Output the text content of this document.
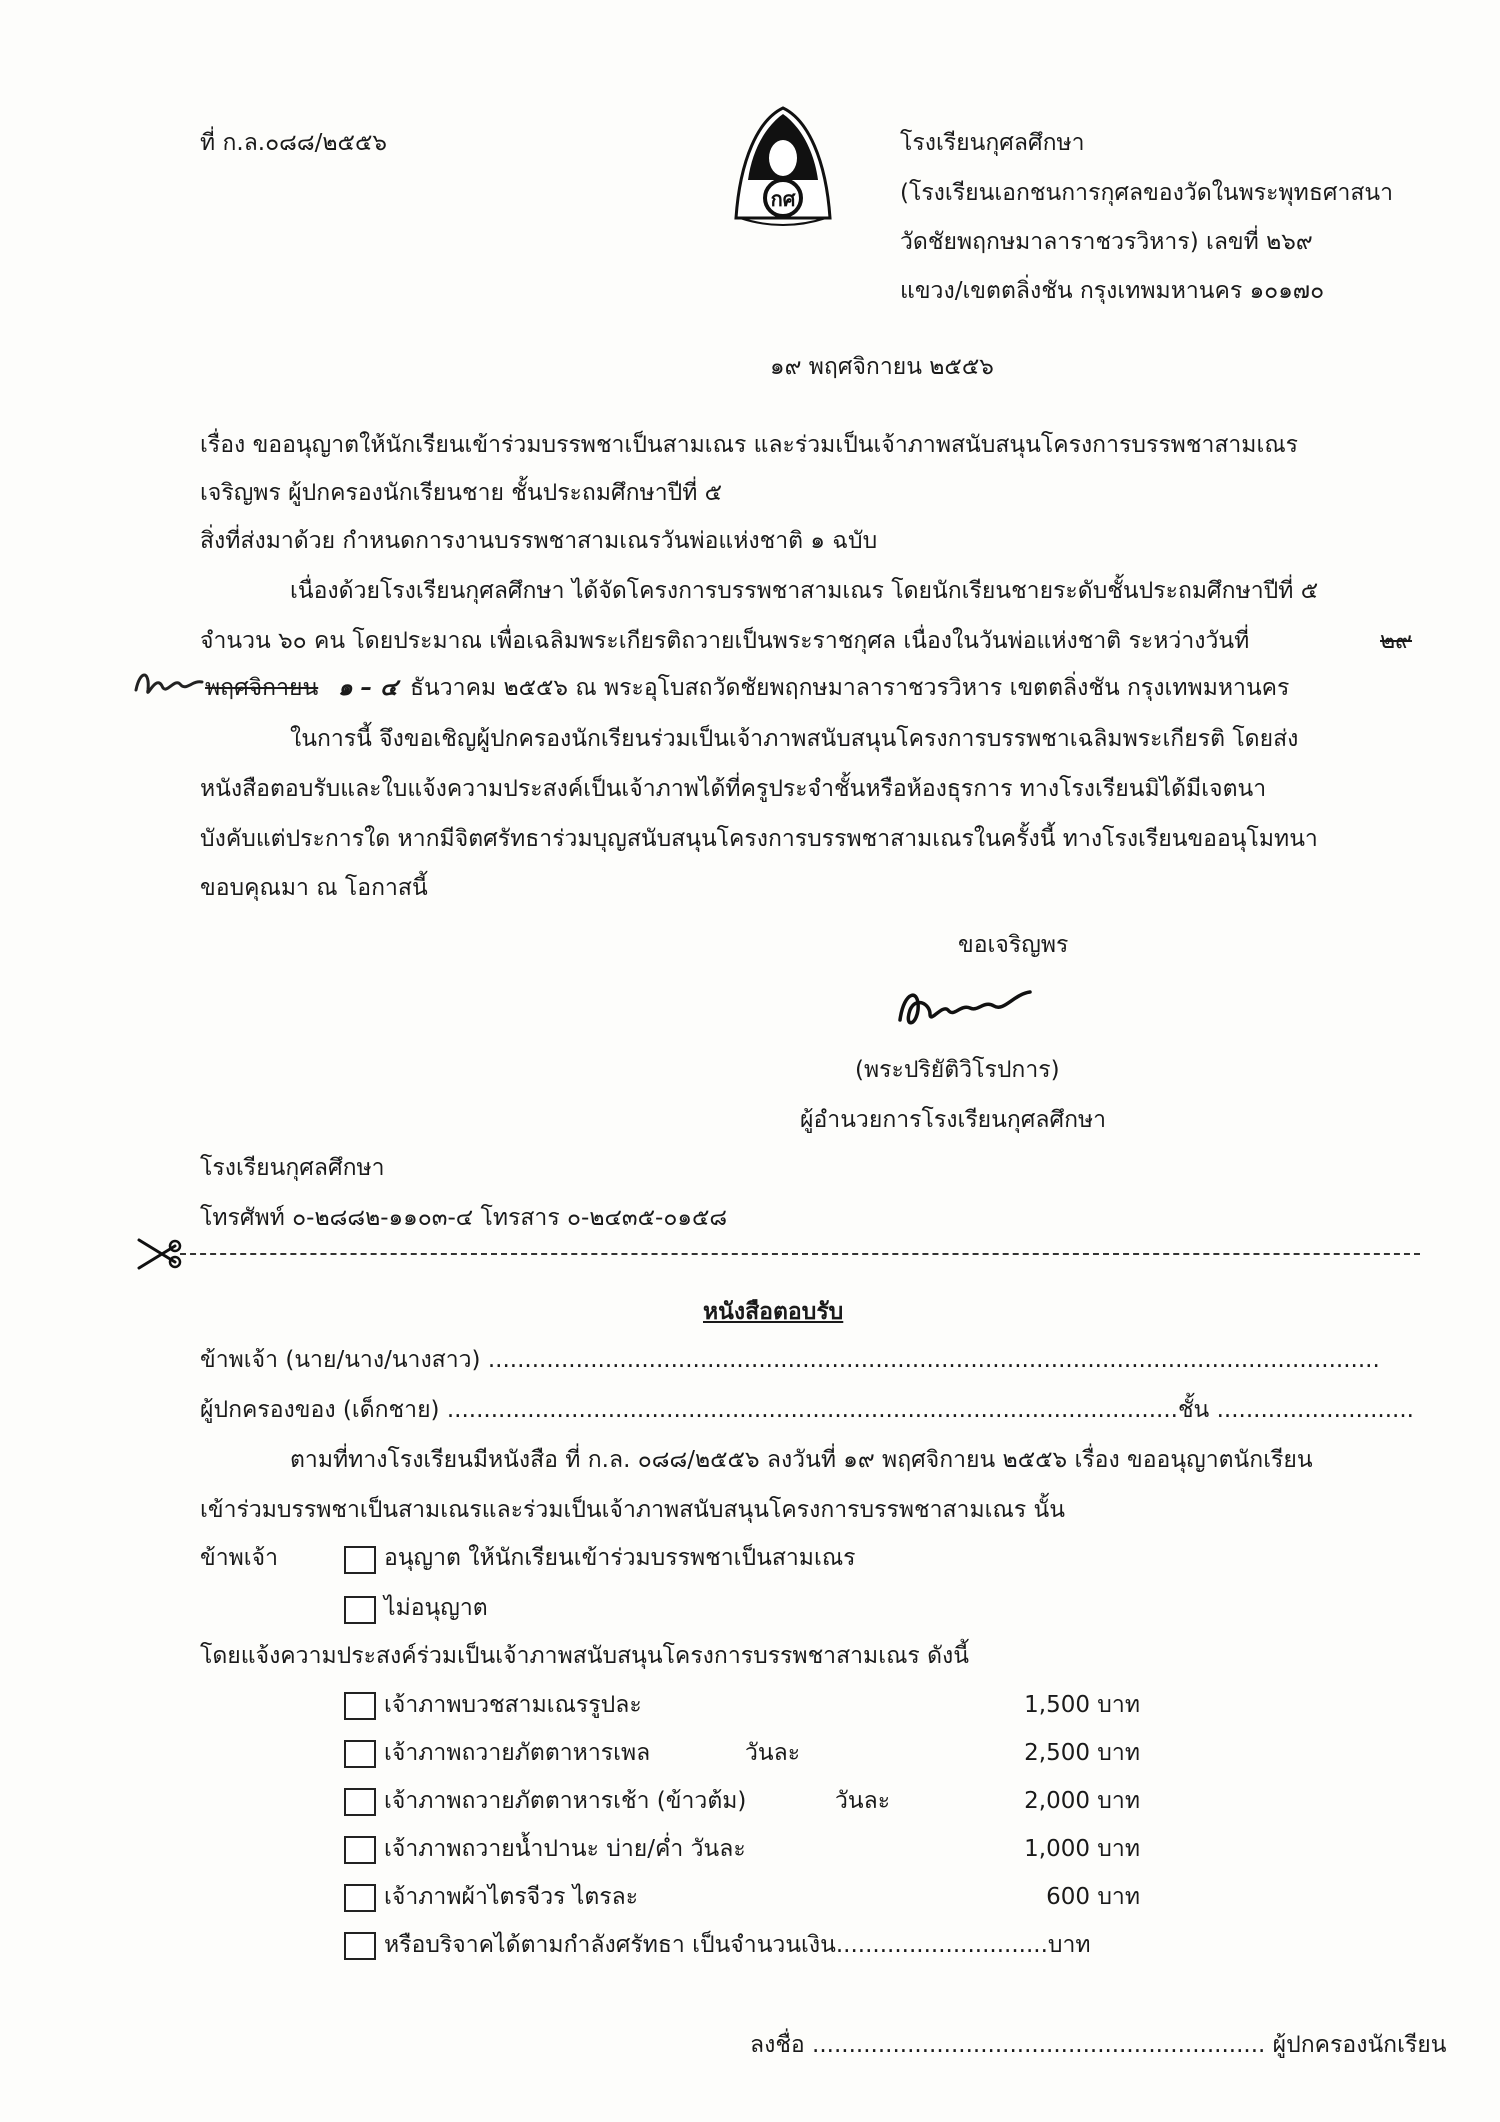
ที่ ก.ล.๐๘๘/๒๕๕๖
กศ
โรงเรียนกุศลศึกษา
(โรงเรียนเอกชนการกุศลของวัดในพระพุทธศาสนา
วัดชัยพฤกษมาลาราชวรวิหาร) เลขที่ ๒๖๙
แขวง/เขตตลิ่งชัน กรุงเทพมหานคร ๑๐๑๗๐
๑๙ พฤศจิกายน ๒๕๕๖
เรื่อง ขออนุญาตให้นักเรียนเข้าร่วมบรรพชาเป็นสามเณร และร่วมเป็นเจ้าภาพสนับสนุนโครงการบรรพชาสามเณร
เจริญพร ผู้ปกครองนักเรียนชาย ชั้นประถมศึกษาปีที่ ๕
สิ่งที่ส่งมาด้วย กำหนดการงานบรรพชาสามเณรวันพ่อแห่งชาติ ๑ ฉบับ
เนื่องด้วยโรงเรียนกุศลศึกษา ได้จัดโครงการบรรพชาสามเณร โดยนักเรียนชายระดับชั้นประถมศึกษาปีที่ ๕
จำนวน ๖๐ คน โดยประมาณ เพื่อเฉลิมพระเกียรติถวายเป็นพระราชกุศล เนื่องในวันพ่อแห่งชาติ ระหว่างวันที่	๒๙
พฤศจิกายน ๑ – ๔ ธันวาคม ๒๕๕๖ ณ พระอุโบสถวัดชัยพฤกษมาลาราชวรวิหาร เขตตลิ่งชัน กรุงเทพมหานคร
ในการนี้ จึงขอเชิญผู้ปกครองนักเรียนร่วมเป็นเจ้าภาพสนับสนุนโครงการบรรพชาเฉลิมพระเกียรติ โดยส่ง
หนังสือตอบรับและใบแจ้งความประสงค์เป็นเจ้าภาพได้ที่ครูประจำชั้นหรือห้องธุรการ ทางโรงเรียนมิได้มีเจตนา
บังคับแต่ประการใด หากมีจิตศรัทธาร่วมบุญสนับสนุนโครงการบรรพชาสามเณรในครั้งนี้ ทางโรงเรียนขออนุโมทนา
ขอบคุณมา ณ โอกาสนี้
ขอเจริญพร
(พระปริยัติวิโรปการ)
ผู้อำนวยการโรงเรียนกุศลศึกษา
โรงเรียนกุศลศึกษา
โทรศัพท์ ๐-๒๘๘๒-๑๑๐๓-๔ โทรสาร ๐-๒๔๓๕-๐๑๕๘
หนังสือตอบรับ
ข้าพเจ้า (นาย/นาง/นางสาว) ..........................................................................................................................
ผู้ปกครองของ (เด็กชาย) ....................................................................................................ชั้น ...........................
ตามที่ทางโรงเรียนมีหนังสือ ที่ ก.ล. ๐๘๘/๒๕๕๖ ลงวันที่ ๑๙ พฤศจิกายน ๒๕๕๖ เรื่อง ขออนุญาตนักเรียน
เข้าร่วมบรรพชาเป็นสามเณรและร่วมเป็นเจ้าภาพสนับสนุนโครงการบรรพชาสามเณร นั้น
ข้าพเจ้า	อนุญาต ให้นักเรียนเข้าร่วมบรรพชาเป็นสามเณร
ไม่อนุญาต
โดยแจ้งความประสงค์ร่วมเป็นเจ้าภาพสนับสนุนโครงการบรรพชาสามเณร ดังนี้
เจ้าภาพบวชสามเณรรูปละ	1,500 บาท
เจ้าภาพถวายภัตตาหารเพล	วันละ	2,500 บาท
เจ้าภาพถวายภัตตาหารเช้า (ข้าวต้ม)	วันละ	2,000 บาท
เจ้าภาพถวายน้ำปานะ บ่าย/ค่ำ วันละ	1,000 บาท
เจ้าภาพผ้าไตรจีวร ไตรละ	600 บาท
หรือบริจาคได้ตามกำลังศรัทธา เป็นจำนวนเงิน.............................บาท
ลงชื่อ .............................................................. ผู้ปกครองนักเรียน
